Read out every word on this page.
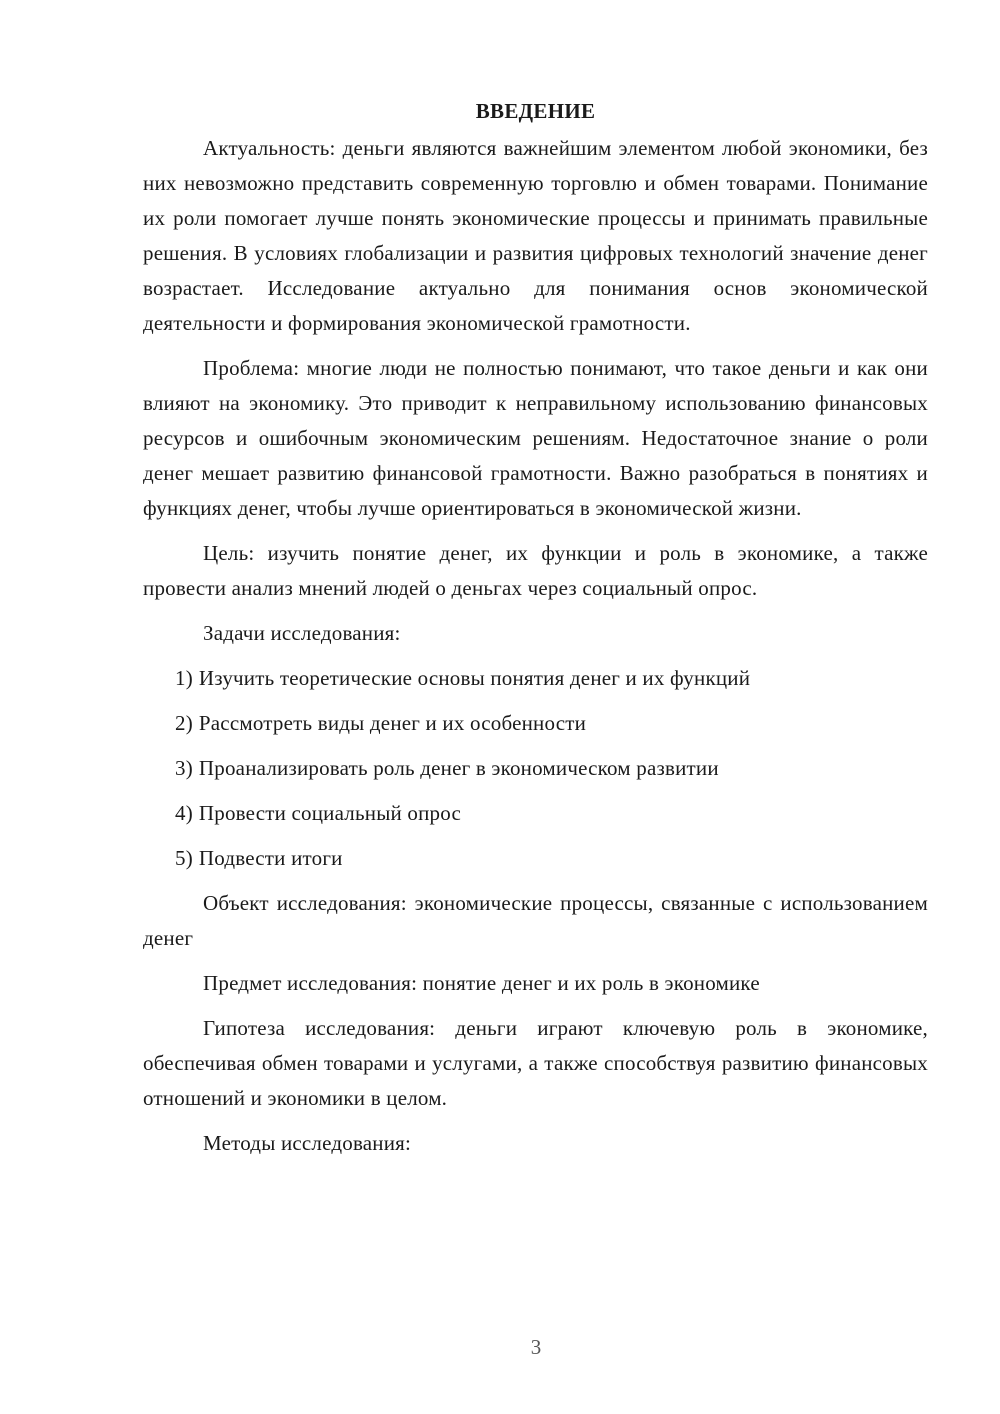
ВВЕДЕНИЕ

Актуальность: деньги являются важнейшим элементом любой экономики, без них невозможно представить современную торговлю и обмен товарами. Понимание их роли помогает лучше понять экономические процессы и принимать правильные решения. В условиях глобализации и развития цифровых технологий значение денег возрастает. Исследование актуально для понимания основ экономической деятельности и формирования экономической грамотности.

Проблема: многие люди не полностью понимают, что такое деньги и как они влияют на экономику. Это приводит к неправильному использованию финансовых ресурсов и ошибочным экономическим решениям. Недостаточное знание о роли денег мешает развитию финансовой грамотности. Важно разобраться в понятиях и функциях денег, чтобы лучше ориентироваться в экономической жизни.

Цель: изучить понятие денег, их функции и роль в экономике, а также провести анализ мнений людей о деньгах через социальный опрос.

Задачи исследования:

1) Изучить теоретические основы понятия денег и их функций
2) Рассмотреть виды денег и их особенности
3) Проанализировать роль денег в экономическом развитии
4) Провести социальный опрос
5) Подвести итоги

Объект исследования: экономические процессы, связанные с использованием денег

Предмет исследования: понятие денег и их роль в экономике

Гипотеза исследования: деньги играют ключевую роль в экономике, обеспечивая обмен товарами и услугами, а также способствуя развитию финансовых отношений и экономики в целом.

Методы исследования:

3
